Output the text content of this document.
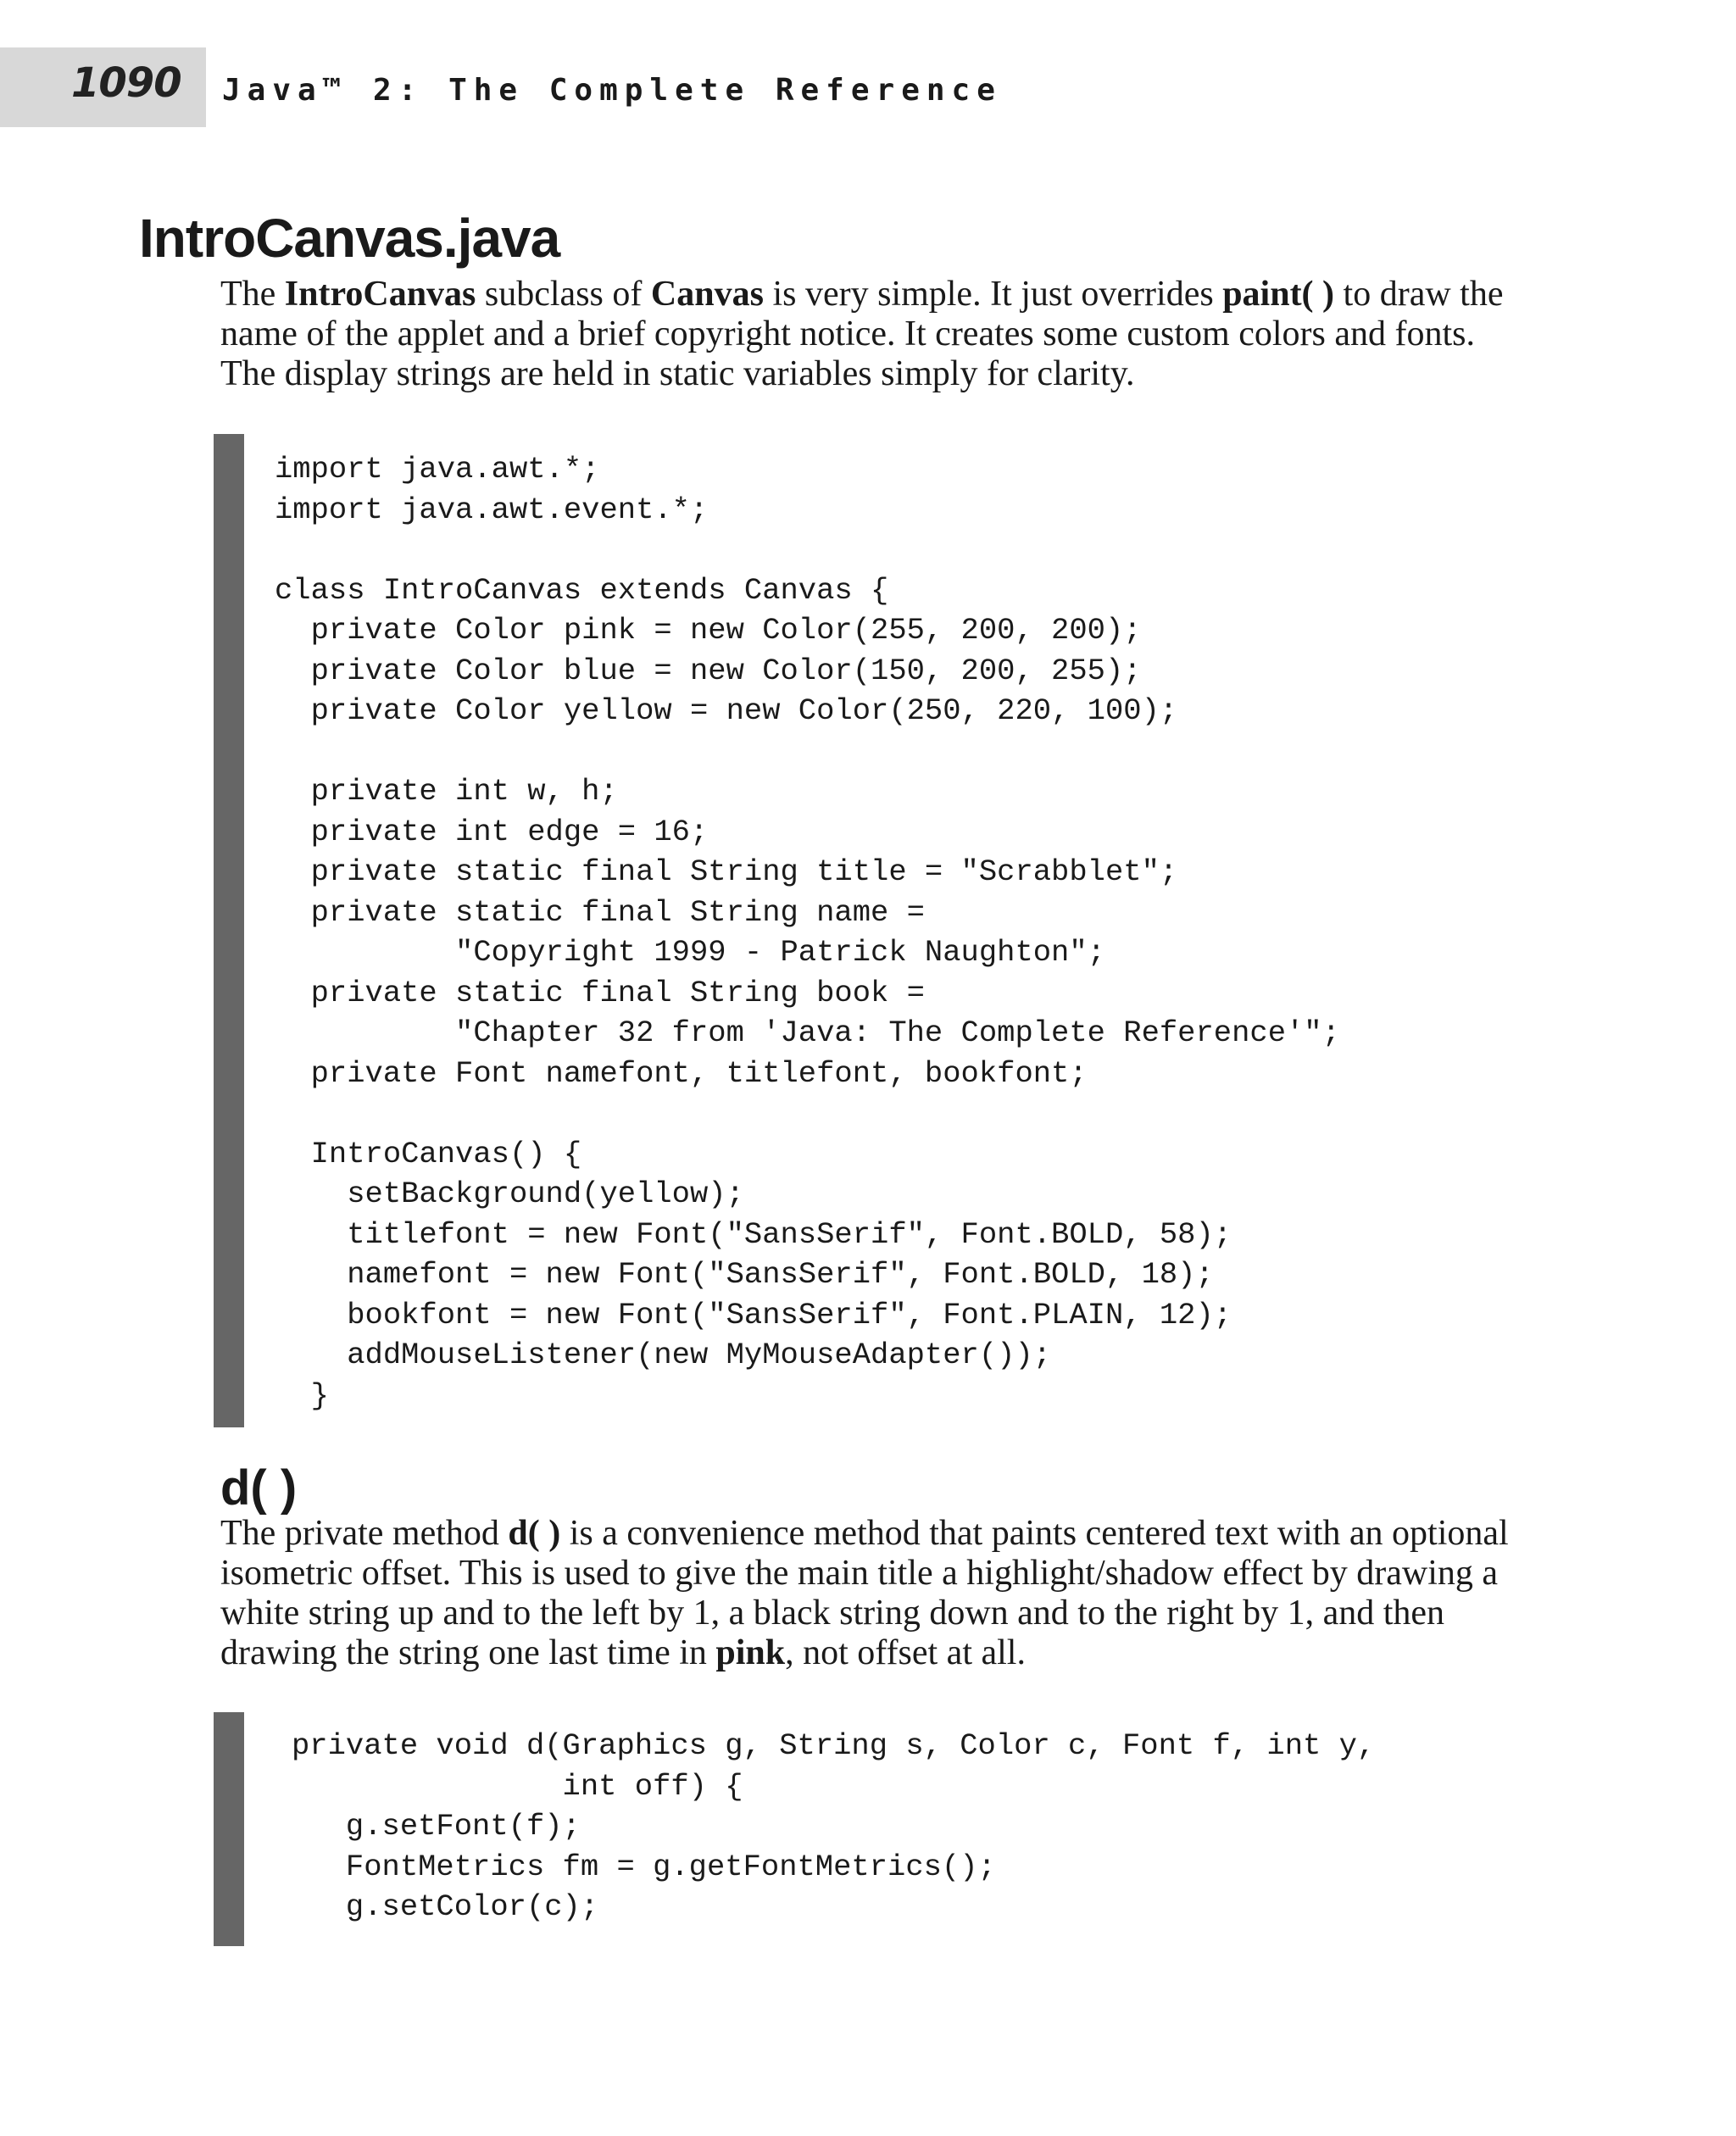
1090 Java™ 2: The Complete Reference
IntroCanvas.java

The IntroCanvas subclass of Canvas is very simple. It just overrides paint( ) to draw the name of the applet and a brief copyright notice. It creates some custom colors and fonts. The display strings are held in static variables simply for clarity.

import java.awt.*;
import java.awt.event.*;

class IntroCanvas extends Canvas {
private Color pink = new Color(255, 200, 200);
private Color blue = new Color(150, 200, 255);
private Color yellow = new Color(250, 220, 100);

private int w, h;
private int edge = 16;
private static final String title = "Scrabblet";
private static final String name =
"Copyright 1999 - Patrick Naughton";
private static final String book =
"Chapter 32 from 'Java: The Complete Reference'";
private Font namefont, titlefont, bookfont;

IntroCanvas() {
setBackground(yellow);
titlefont = new Font("SansSerif", Font.BOLD, 58);
namefont = new Font("SansSerif", Font.BOLD, 18);
bookfont = new Font("SansSerif", Font.PLAIN, 12);
addMouseListener(new MyMouseAdapter());
}
d( )

The private method d( ) is a convenience method that paints centered text with an optional isometric offset. This is used to give the main title a highlight/shadow effect by drawing a white string up and to the left by 1, a black string down and to the right by 1, and then drawing the string one last time in pink, not offset at all.

private void d(Graphics g, String s, Color c, Font f, int y,
int off) {
g.setFont(f);
FontMetrics fm = g.getFontMetrics();
g.setColor(c);
